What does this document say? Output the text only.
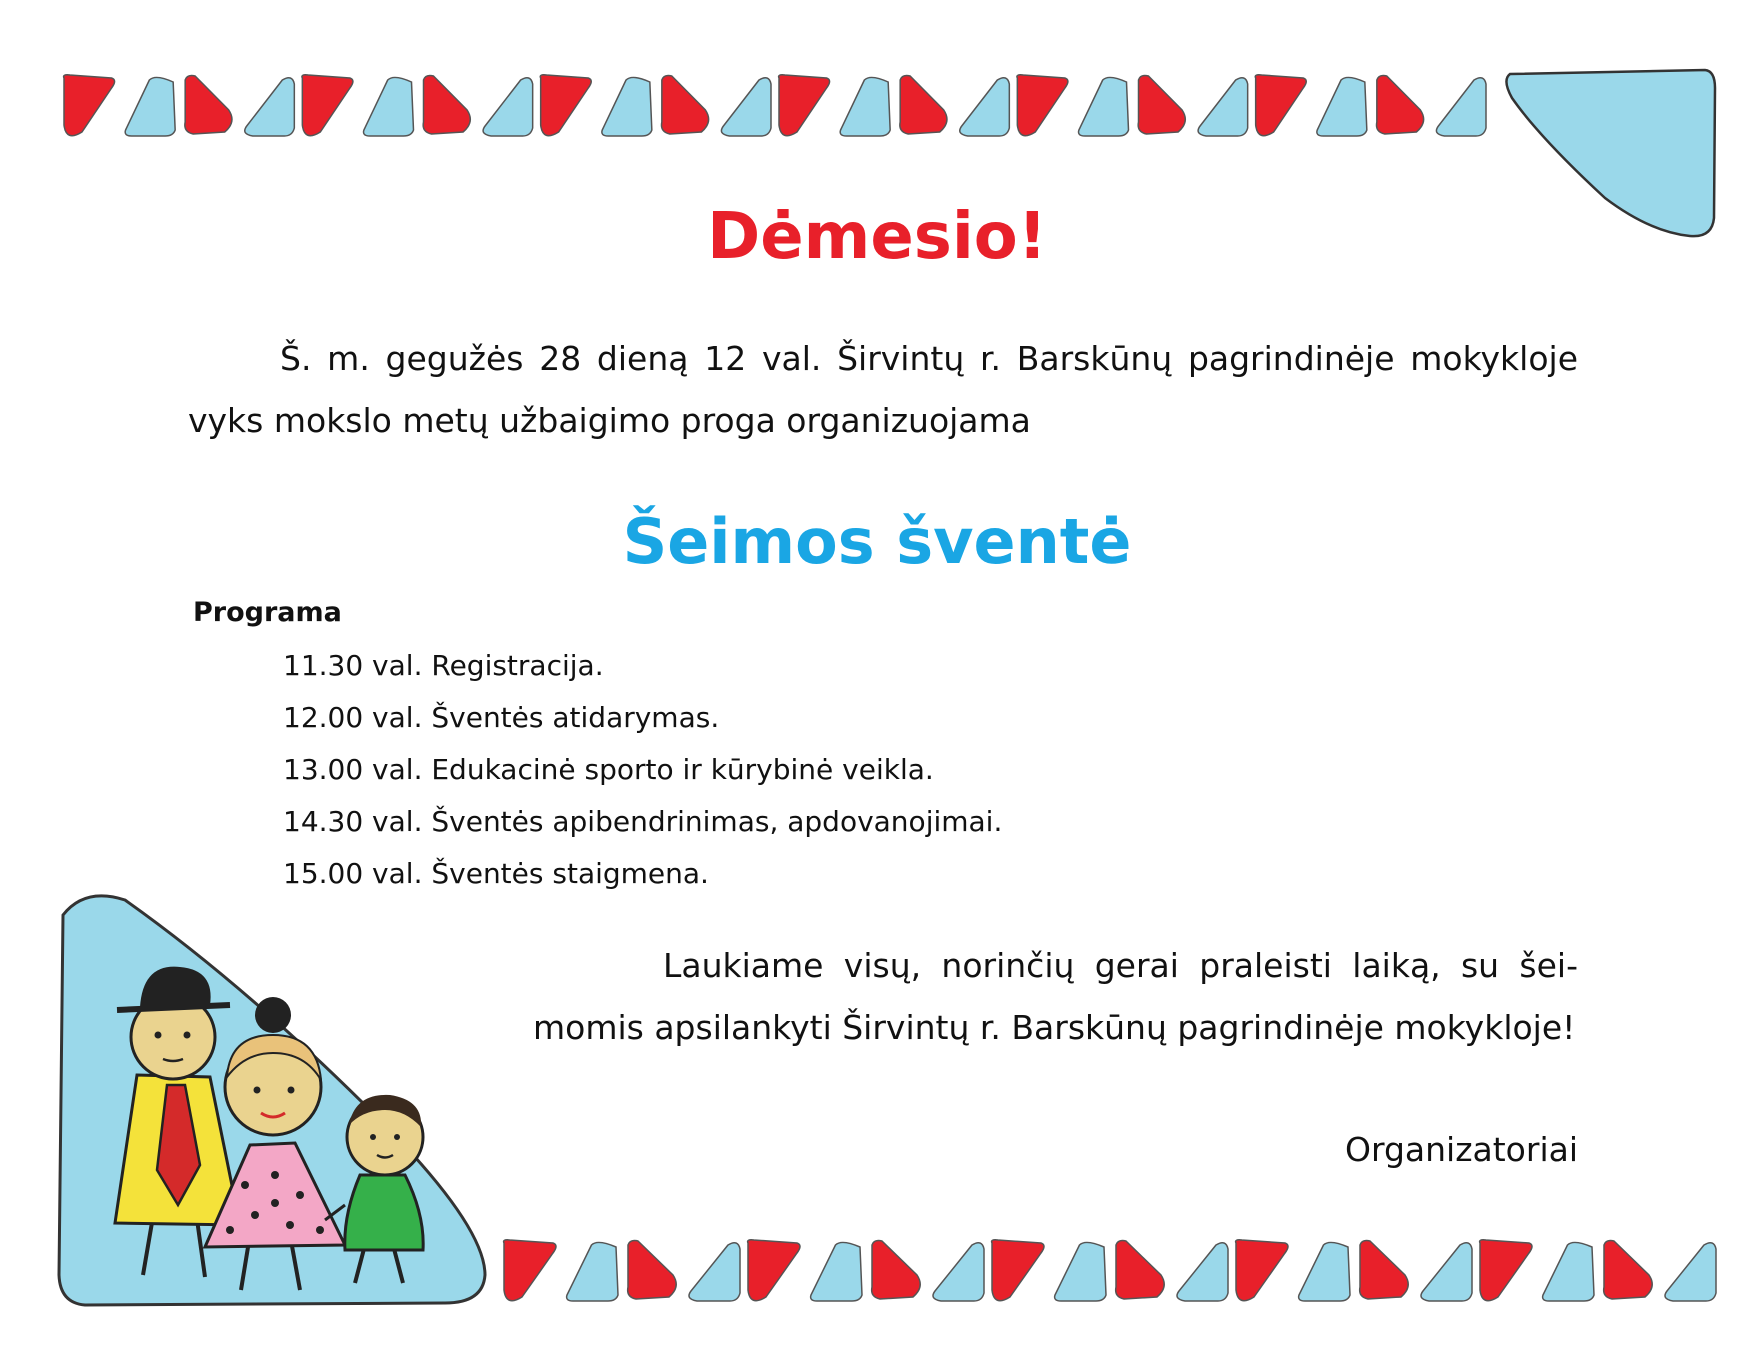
Dėmesio!

Š. m. gegužės 28 dieną 12 val. Širvintų r. Barskūnų pagrindinėje mokykloje vyks mokslo metų užbaigimo proga organizuojama

Šeimos šventė

Programa

11.30 val. Registracija.
12.00 val. Šventės atidarymas.
13.00 val. Edukacinė sporto ir kūrybinė veikla.
14.30 val. Šventės apibendrinimas, apdovanojimai.
15.00 val. Šventės staigmena.

Laukiame visų, norinčių gerai praleisti laiką, su šeimomis apsilankyti Širvintų r. Barskūnų pagrindinėje mokykloje!

Organizatoriai
